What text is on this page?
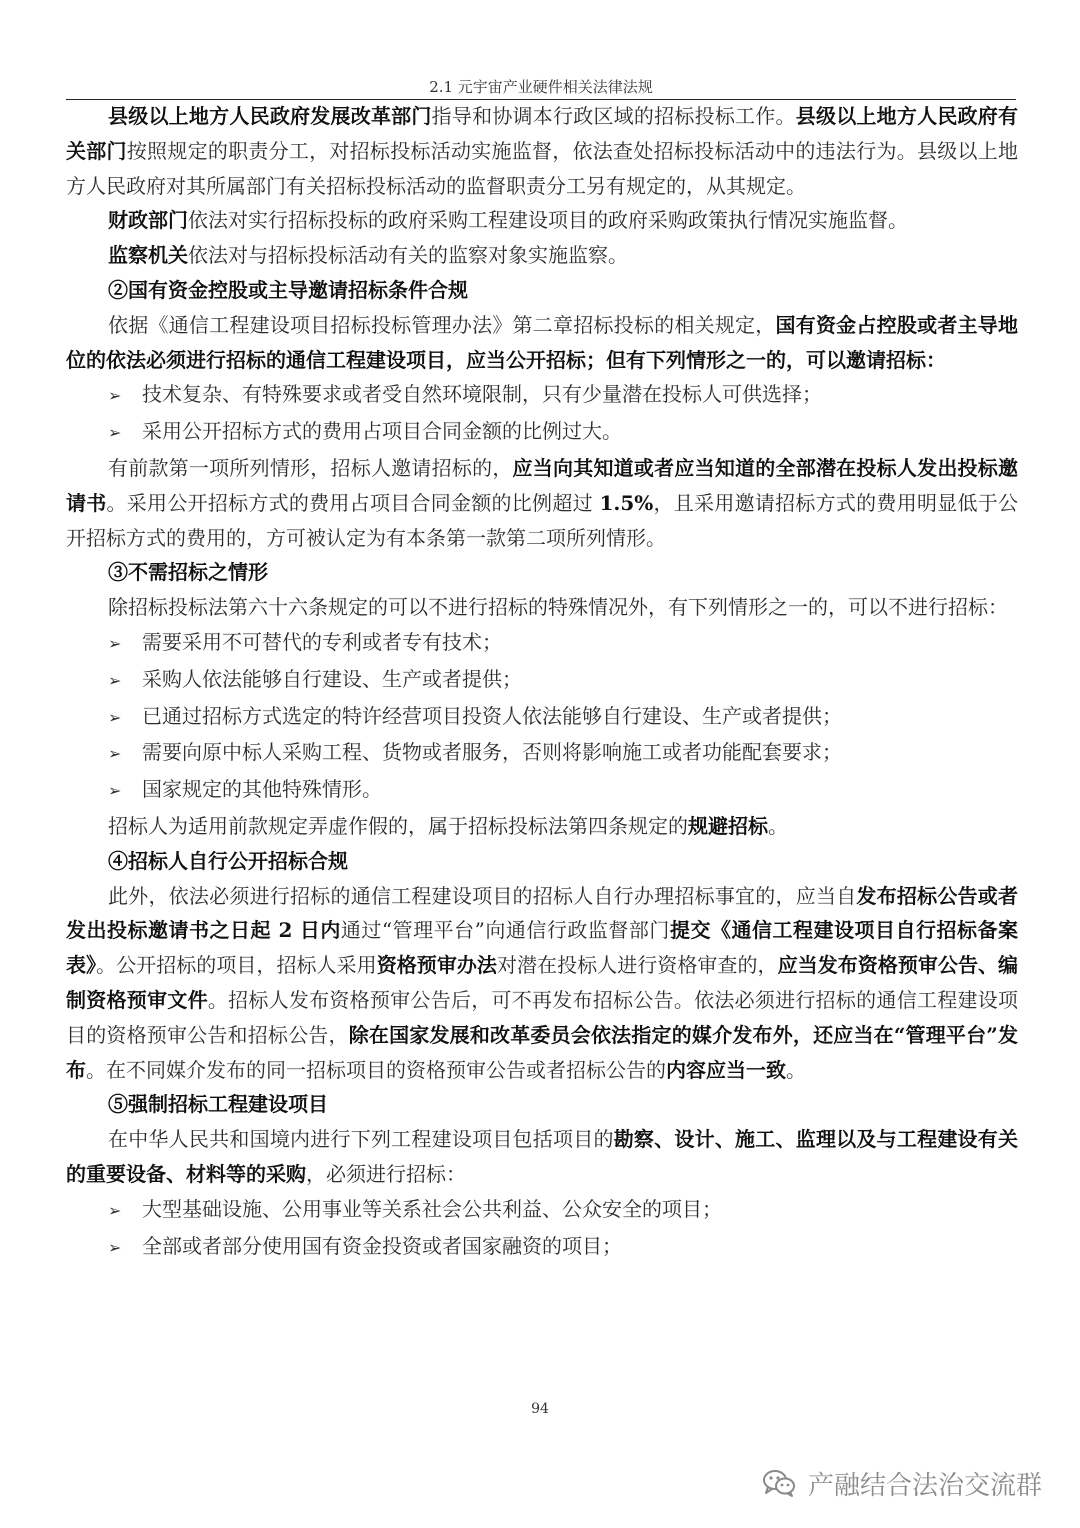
2.1 元宇宙产业硬件相关法律法规

县级以上地方人民政府发展改革部门指导和协调本行政区域的招标投标工作。县级以上地方人民政府有关部门按照规定的职责分工，对招标投标活动实施监督，依法查处招标投标活动中的违法行为。县级以上地方人民政府对其所属部门有关招标投标活动的监督职责分工另有规定的，从其规定。

财政部门依法对实行招标投标的政府采购工程建设项目的政府采购政策执行情况实施监督。

监察机关依法对与招标投标活动有关的监察对象实施监察。

②国有资金控股或主导邀请招标条件合规

依据《通信工程建设项目招标投标管理办法》第二章招标投标的相关规定，国有资金占控股或者主导地位的依法必须进行招标的通信工程建设项目，应当公开招标；但有下列情形之一的，可以邀请招标：

➢ 技术复杂、有特殊要求或者受自然环境限制，只有少量潜在投标人可供选择；

➢ 采用公开招标方式的费用占项目合同金额的比例过大。

有前款第一项所列情形，招标人邀请招标的，应当向其知道或者应当知道的全部潜在投标人发出投标邀请书。采用公开招标方式的费用占项目合同金额的比例超过 1.5%，且采用邀请招标方式的费用明显低于公开招标方式的费用的，方可被认定为有本条第一款第二项所列情形。

③不需招标之情形

除招标投标法第六十六条规定的可以不进行招标的特殊情况外，有下列情形之一的，可以不进行招标：

➢ 需要采用不可替代的专利或者专有技术；

➢ 采购人依法能够自行建设、生产或者提供；

➢ 已通过招标方式选定的特许经营项目投资人依法能够自行建设、生产或者提供；

➢ 需要向原中标人采购工程、货物或者服务，否则将影响施工或者功能配套要求；

➢ 国家规定的其他特殊情形。

招标人为适用前款规定弄虚作假的，属于招标投标法第四条规定的规避招标。

④招标人自行公开招标合规

此外，依法必须进行招标的通信工程建设项目的招标人自行办理招标事宜的，应当自发布招标公告或者发出投标邀请书之日起 2 日内通过“管理平台”向通信行政监督部门提交《通信工程建设项目自行招标备案表》。公开招标的项目，招标人采用资格预审办法对潜在投标人进行资格审查的，应当发布资格预审公告、编制资格预审文件。招标人发布资格预审公告后，可不再发布招标公告。依法必须进行招标的通信工程建设项目的资格预审公告和招标公告，除在国家发展和改革委员会依法指定的媒介发布外，还应当在“管理平台”发布。在不同媒介发布的同一招标项目的资格预审公告或者招标公告的内容应当一致。

⑤强制招标工程建设项目

在中华人民共和国境内进行下列工程建设项目包括项目的勘察、设计、施工、监理以及与工程建设有关的重要设备、材料等的采购，必须进行招标：

➢ 大型基础设施、公用事业等关系社会公共利益、公众安全的项目；

➢ 全部或者部分使用国有资金投资或者国家融资的项目；

94
产融结合法治交流群
